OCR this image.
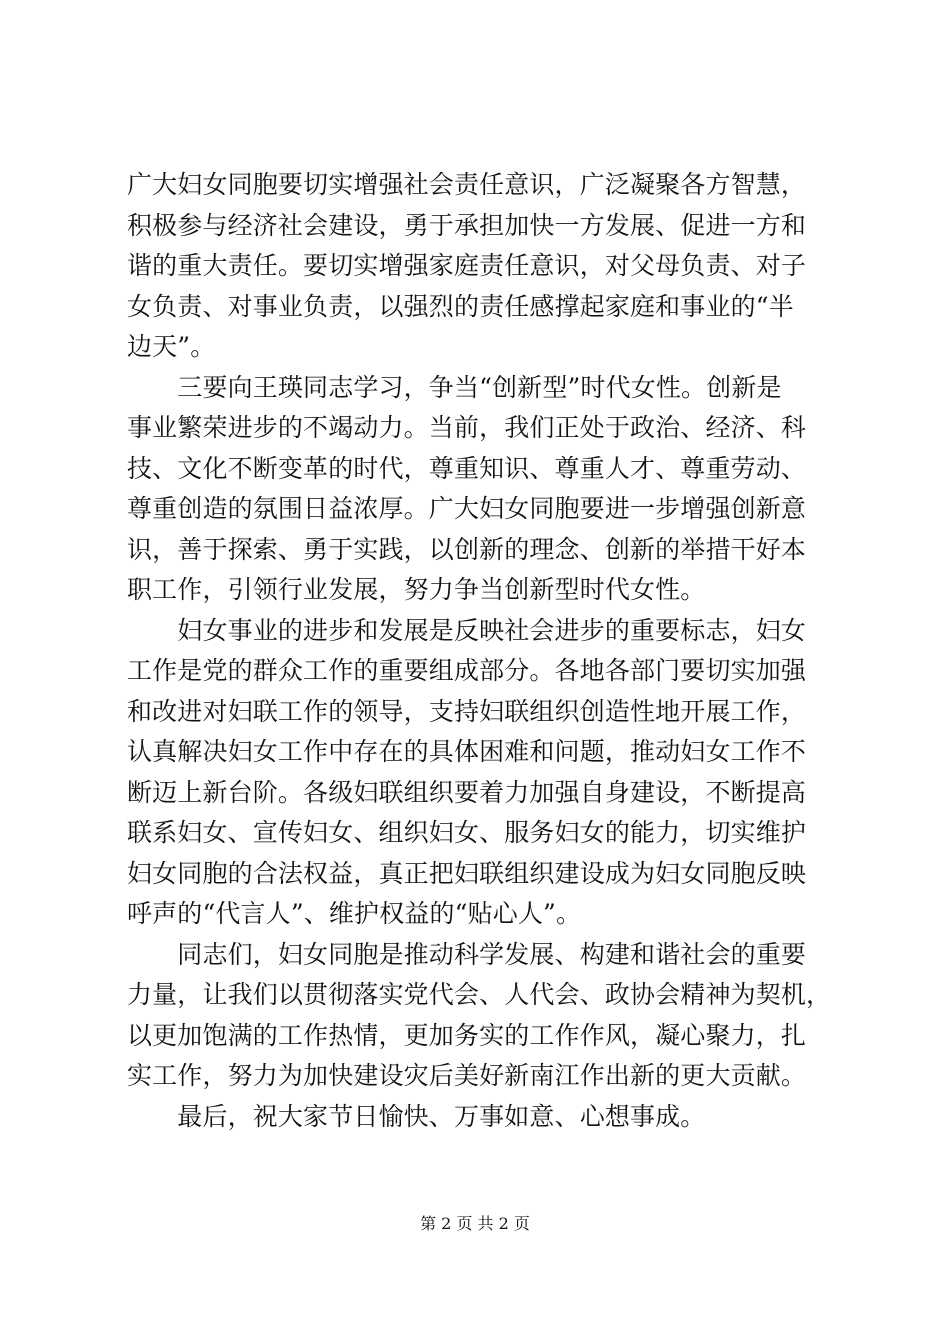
广大妇女同胞要切实增强社会责任意识，广泛凝聚各方智慧，
积极参与经济社会建设，勇于承担加快一方发展、促进一方和
谐的重大责任。要切实增强家庭责任意识，对父母负责、对子
女负责、对事业负责，以强烈的责任感撑起家庭和事业的“半
边天”。
　　三要向王瑛同志学习，争当“创新型”时代女性。创新是
事业繁荣进步的不竭动力。当前，我们正处于政治、经济、科
技、文化不断变革的时代，尊重知识、尊重人才、尊重劳动、
尊重创造的氛围日益浓厚。广大妇女同胞要进一步增强创新意
识，善于探索、勇于实践，以创新的理念、创新的举措干好本
职工作，引领行业发展，努力争当创新型时代女性。
　　妇女事业的进步和发展是反映社会进步的重要标志，妇女
工作是党的群众工作的重要组成部分。各地各部门要切实加强
和改进对妇联工作的领导，支持妇联组织创造性地开展工作，
认真解决妇女工作中存在的具体困难和问题，推动妇女工作不
断迈上新台阶。各级妇联组织要着力加强自身建设，不断提高
联系妇女、宣传妇女、组织妇女、服务妇女的能力，切实维护
妇女同胞的合法权益，真正把妇联组织建设成为妇女同胞反映
呼声的“代言人”、维护权益的“贴心人”。
　　同志们，妇女同胞是推动科学发展、构建和谐社会的重要
力量，让我们以贯彻落实党代会、人代会、政协会精神为契机，
以更加饱满的工作热情，更加务实的工作作风，凝心聚力，扎
实工作，努力为加快建设灾后美好新南江作出新的更大贡献。
　　最后，祝大家节日愉快、万事如意、心想事成。
第 2 页 共 2 页
